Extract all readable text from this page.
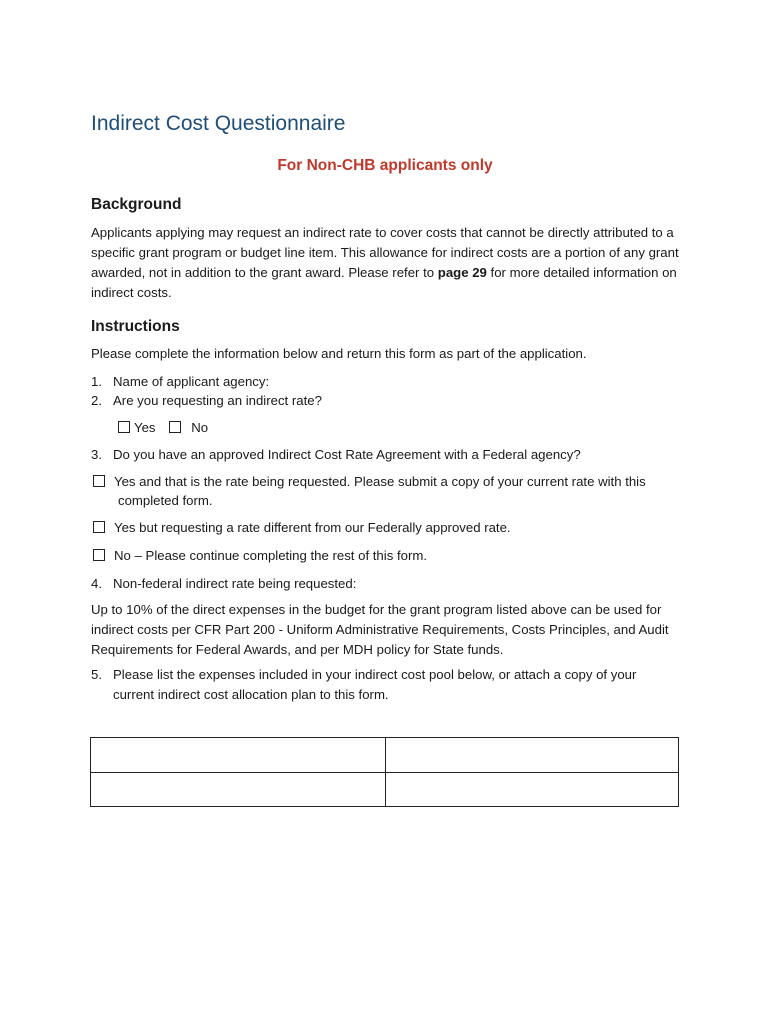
Indirect Cost Questionnaire
For Non-CHB applicants only
Background
Applicants applying may request an indirect rate to cover costs that cannot be directly attributed to a specific grant program or budget line item. This allowance for indirect costs are a portion of any grant awarded, not in addition to the grant award. Please refer to page 29 for more detailed information on indirect costs.
Instructions
Please complete the information below and return this form as part of the application.
1. Name of applicant agency:
2. Are you requesting an indirect rate?
Yes	No
3. Do you have an approved Indirect Cost Rate Agreement with a Federal agency?
Yes and that is the rate being requested. Please submit a copy of your current rate with this
completed form.
Yes but requesting a rate different from our Federally approved rate.
No – Please continue completing the rest of this form.
4. Non-federal indirect rate being requested:
Up to 10% of the direct expenses in the budget for the grant program listed above can be used for indirect costs per CFR Part 200 - Uniform Administrative Requirements, Costs Principles, and Audit Requirements for Federal Awards, and per MDH policy for State funds.
5. Please list the expenses included in your indirect cost pool below, or attach a copy of your
current indirect cost allocation plan to this form.
